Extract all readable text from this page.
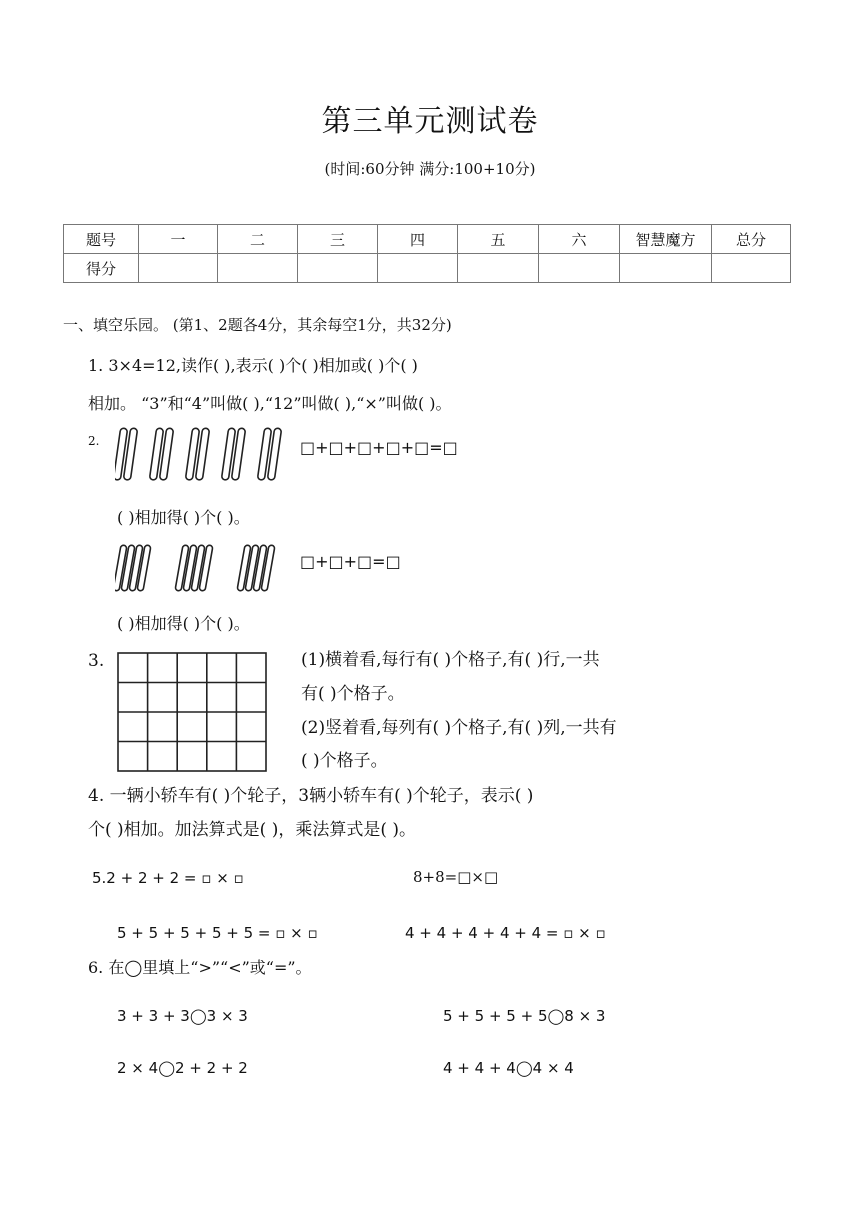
第三单元测试卷
(时间:60分钟 满分:100+10分)
题号	一	二	三	四	五	六	智慧魔方	总分
得分								
一、填空乐园。 (第1、2题各4分，其余每空1分，共32分)
1. 3×4=12,读作( ),表示( )个( )相加或( )个( )
相加。 “3”和“4”叫做( ),“12”叫做( ),“×”叫做( )。
2.	□+□+□+□+□=□
( )相加得( )个( )。
□+□+□=□
( )相加得( )个( )。
3.	(1)横着看,每行有( )个格子,有( )行,一共
有( )个格子。
(2)竖着看,每列有( )个格子,有( )列,一共有
( )个格子。
4. 一辆小轿车有( )个轮子，3辆小轿车有( )个轮子，表示( )
个( )相加。加法算式是( )，乘法算式是( )。
5.2 + 2 + 2 = ▫ × ▫	8+8=□×□
5 + 5 + 5 + 5 + 5 = ▫ × ▫	4 + 4 + 4 + 4 + 4 = ▫ × ▫
6. 在◯里填上“>”“<”或“=”。
3 + 3 + 3◯3 × 3	5 + 5 + 5 + 5◯8 × 3
2 × 4◯2 + 2 + 2	4 + 4 + 4◯4 × 4
